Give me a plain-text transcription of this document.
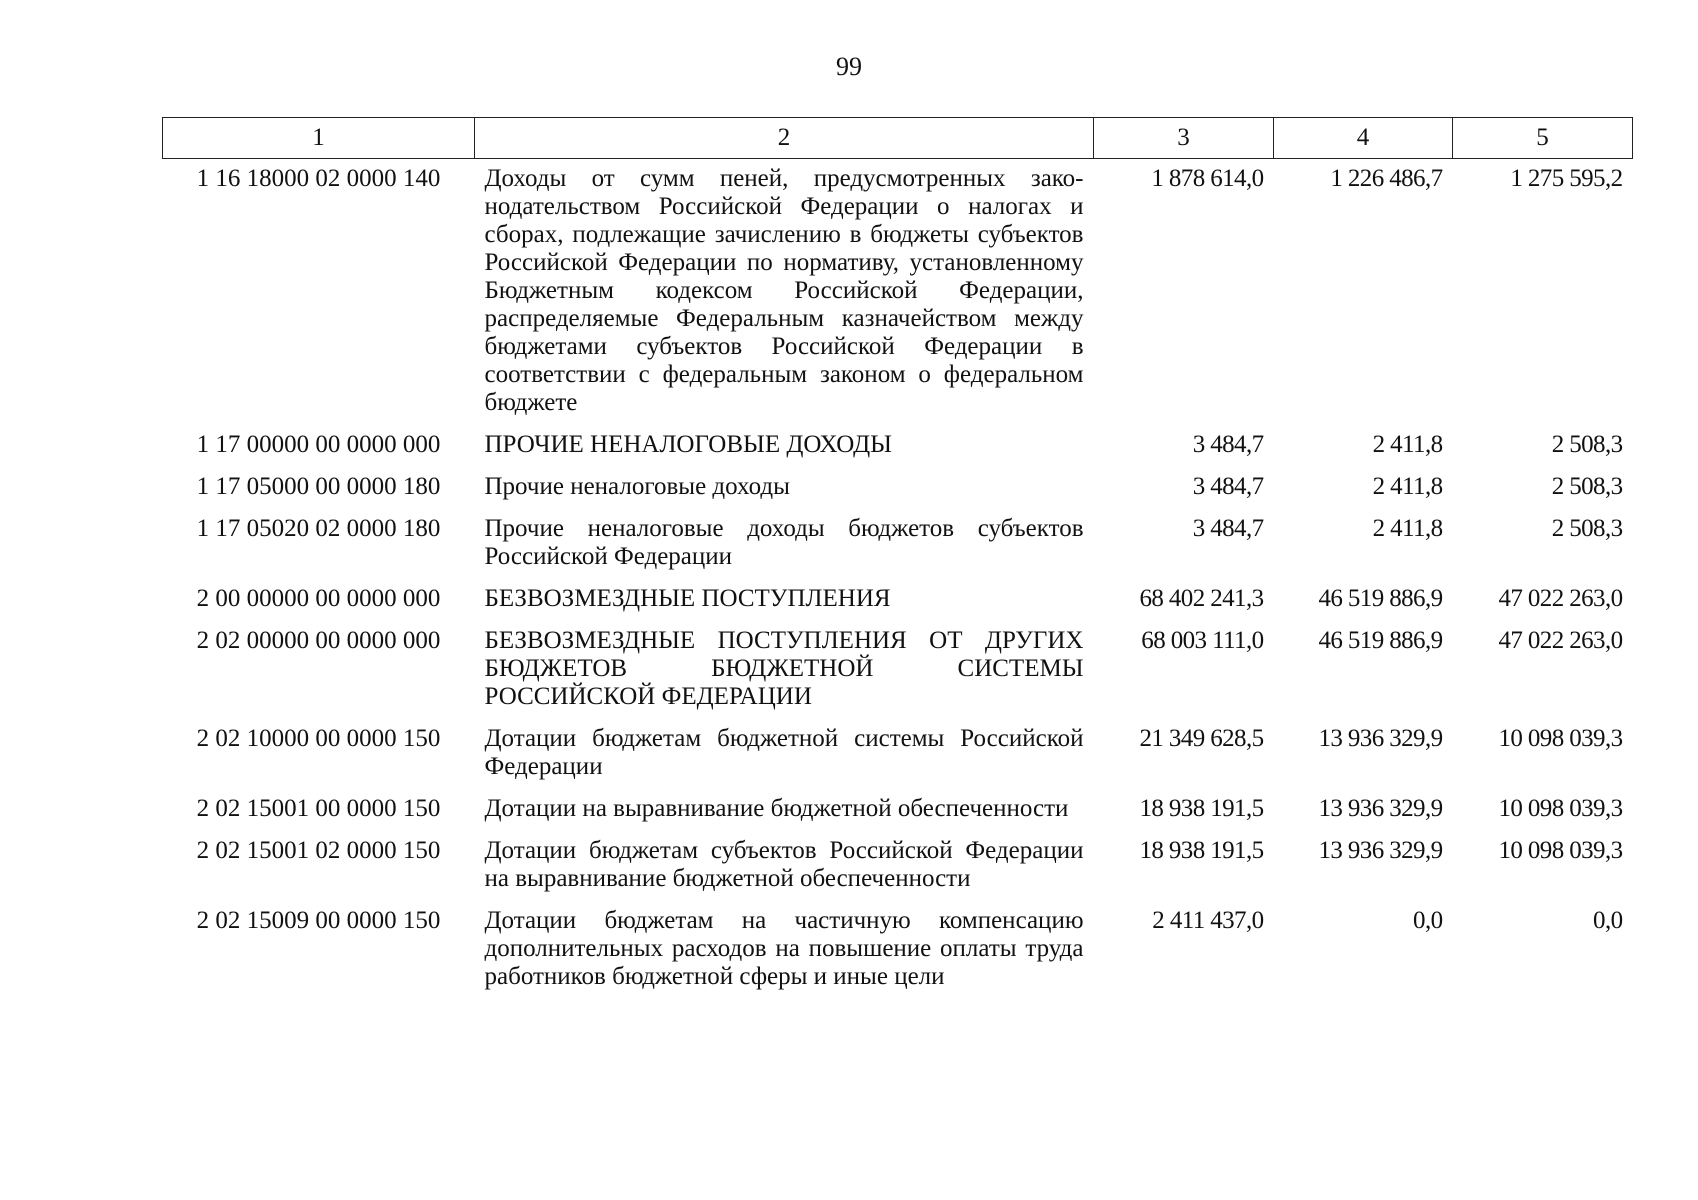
99
1	2	3	4	5
1 16 18000 02 0000 140	Доходы от сумм пеней, предусмотренных законодательством Российской Федерации о налогах и сборах, подлежащие зачислению в бюджеты субъектов Российской Федерации по нормативу, установленному Бюджетным кодексом Российской Федерации, распределяемые Федеральным казначейством между бюджетами субъектов Российской Федерации в соответствии с федеральным законом о федеральном бюджете	1 878 614,0	1 226 486,7	1 275 595,2
1 17 00000 00 0000 000	ПРОЧИЕ НЕНАЛОГОВЫЕ ДОХОДЫ	3 484,7	2 411,8	2 508,3
1 17 05000 00 0000 180	Прочие неналоговые доходы	3 484,7	2 411,8	2 508,3
1 17 05020 02 0000 180	Прочие неналоговые доходы бюджетов субъектов Российской Федерации	3 484,7	2 411,8	2 508,3
2 00 00000 00 0000 000	БЕЗВОЗМЕЗДНЫЕ ПОСТУПЛЕНИЯ	68 402 241,3	46 519 886,9	47 022 263,0
2 02 00000 00 0000 000	БЕЗВОЗМЕЗДНЫЕ ПОСТУПЛЕНИЯ ОТ ДРУГИХ БЮДЖЕТОВ БЮДЖЕТНОЙ СИСТЕМЫ РОССИЙСКОЙ ФЕДЕРАЦИИ	68 003 111,0	46 519 886,9	47 022 263,0
2 02 10000 00 0000 150	Дотации бюджетам бюджетной системы Российской Федерации	21 349 628,5	13 936 329,9	10 098 039,3
2 02 15001 00 0000 150	Дотации на выравнивание бюджетной обеспеченности	18 938 191,5	13 936 329,9	10 098 039,3
2 02 15001 02 0000 150	Дотации бюджетам субъектов Российской Федерации на выравнивание бюджетной обеспеченности	18 938 191,5	13 936 329,9	10 098 039,3
2 02 15009 00 0000 150	Дотации бюджетам на частичную компенсацию дополнительных расходов на повышение оплаты труда работников бюджетной сферы и иные цели	2 411 437,0	0,0	0,0
